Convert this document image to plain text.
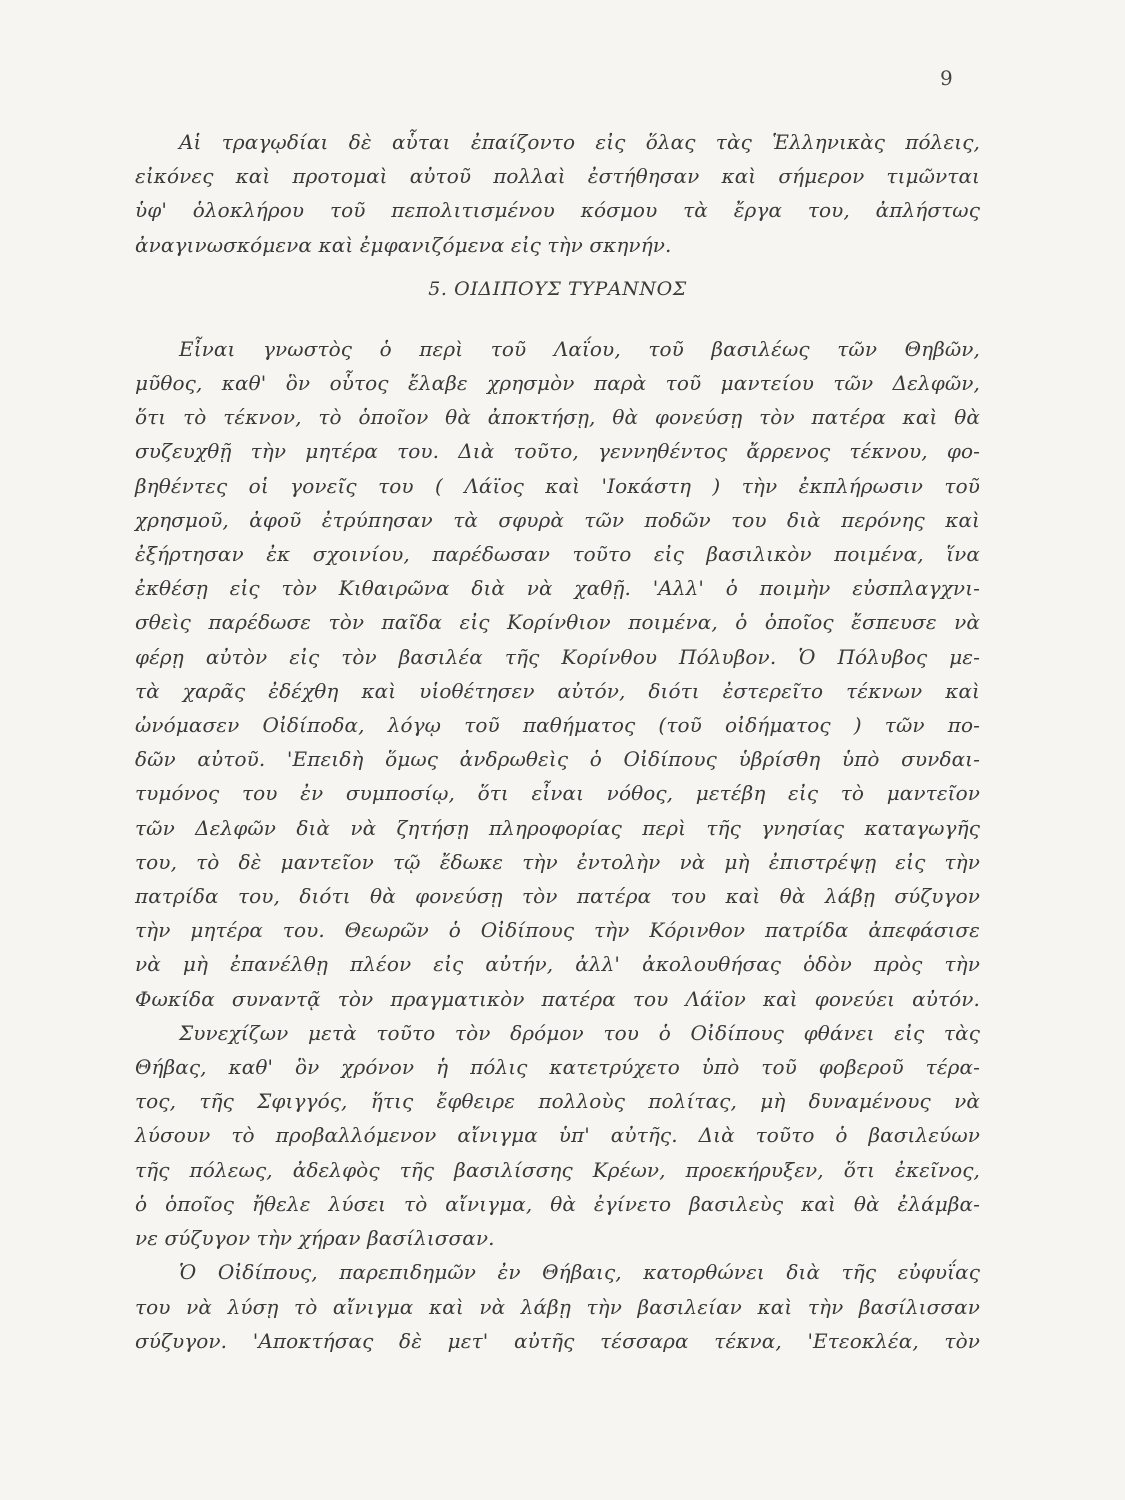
9
Αἱ τραγῳδίαι δὲ αὗται ἐπαίζοντο εἰς ὅλας τὰς Ἑλληνικὰς πόλεις,
εἰκόνες καὶ προτομαὶ αὐτοῦ πολλαὶ ἐστήθησαν καὶ σήμερον τιμῶνται
ὑφ' ὁλοκλήρου τοῦ πεπολιτισμένου κόσμου τὰ ἔργα του, ἀπλήστως
ἀναγινωσκόμενα καὶ ἐμφανιζόμενα εἰς τὴν σκηνήν.
5. ΟΙΔΙΠΟΥΣ ΤΥΡΑΝΝΟΣ
Εἶναι γνωστὸς ὁ περὶ τοῦ Λαΐου, τοῦ βασιλέως τῶν Θηβῶν,
μῦθος, καθ' ὃν οὗτος ἔλαβε χρησμὸν παρὰ τοῦ μαντείου τῶν Δελφῶν,
ὅτι τὸ τέκνον, τὸ ὁποῖον θὰ ἀποκτήσῃ, θὰ φονεύσῃ τὸν πατέρα καὶ θὰ
συζευχθῇ τὴν μητέρα του. Διὰ τοῦτο, γεννηθέντος ἄρρενος τέκνου, φο-
βηθέντες οἱ γονεῖς του ( Λάϊος καὶ 'Ιοκάστη ) τὴν ἐκπλήρωσιν τοῦ
χρησμοῦ, ἀφοῦ ἐτρύπησαν τὰ σφυρὰ τῶν ποδῶν του διὰ περόνης καὶ
ἐξήρτησαν ἐκ σχοινίου, παρέδωσαν τοῦτο εἰς βασιλικὸν ποιμένα, ἵνα
ἐκθέσῃ εἰς τὸν Κιθαιρῶνα διὰ νὰ χαθῇ. 'Αλλ' ὁ ποιμὴν εὐσπλαγχνι-
σθεὶς παρέδωσε τὸν παῖδα εἰς Κορίνθιον ποιμένα, ὁ ὁποῖος ἔσπευσε νὰ
φέρῃ αὐτὸν εἰς τὸν βασιλέα τῆς Κορίνθου Πόλυβον. Ὁ Πόλυβος με-
τὰ χαρᾶς ἐδέχθη καὶ υἱοθέτησεν αὐτόν, διότι ἐστερεῖτο τέκνων καὶ
ὠνόμασεν Οἰδίποδα, λόγῳ τοῦ παθήματος (τοῦ οἰδήματος ) τῶν πο-
δῶν αὐτοῦ. 'Επειδὴ ὅμως ἀνδρωθεὶς ὁ Οἰδίπους ὑβρίσθη ὑπὸ συνδαι-
τυμόνος του ἐν συμποσίῳ, ὅτι εἶναι νόθος, μετέβη εἰς τὸ μαντεῖον
τῶν Δελφῶν διὰ νὰ ζητήσῃ πληροφορίας περὶ τῆς γνησίας καταγωγῆς
του, τὸ δὲ μαντεῖον τῷ ἔδωκε τὴν ἐντολὴν νὰ μὴ ἐπιστρέψῃ εἰς τὴν
πατρίδα του, διότι θὰ φονεύσῃ τὸν πατέρα του καὶ θὰ λάβῃ σύζυγον
τὴν μητέρα του. Θεωρῶν ὁ Οἰδίπους τὴν Κόρινθον πατρίδα ἀπεφάσισε
νὰ μὴ ἐπανέλθῃ πλέον εἰς αὐτήν, ἀλλ' ἀκολουθήσας ὁδὸν πρὸς τὴν
Φωκίδα συναντᾷ τὸν πραγματικὸν πατέρα του Λάϊον καὶ φονεύει αὐτόν.
Συνεχίζων μετὰ τοῦτο τὸν δρόμον του ὁ Οἰδίπους φθάνει εἰς τὰς
Θήβας, καθ' ὃν χρόνον ἡ πόλις κατετρύχετο ὑπὸ τοῦ φοβεροῦ τέρα-
τος, τῆς Σφιγγός, ἥτις ἔφθειρε πολλοὺς πολίτας, μὴ δυναμένους νὰ
λύσουν τὸ προβαλλόμενον αἴνιγμα ὑπ' αὐτῆς. Διὰ τοῦτο ὁ βασιλεύων
τῆς πόλεως, ἀδελφὸς τῆς βασιλίσσης Κρέων, προεκήρυξεν, ὅτι ἐκεῖνος,
ὁ ὁποῖος ἤθελε λύσει τὸ αἴνιγμα, θὰ ἐγίνετο βασιλεὺς καὶ θὰ ἐλάμβα-
νε σύζυγον τὴν χήραν βασίλισσαν.
Ὁ Οἰδίπους, παρεπιδημῶν ἐν Θήβαις, κατορθώνει διὰ τῆς εὐφυΐας
του νὰ λύσῃ τὸ αἴνιγμα καὶ νὰ λάβῃ τὴν βασιλείαν καὶ τὴν βασίλισσαν
σύζυγον. 'Αποκτήσας δὲ μετ' αὐτῆς τέσσαρα τέκνα, 'Ετεοκλέα, τὸν
